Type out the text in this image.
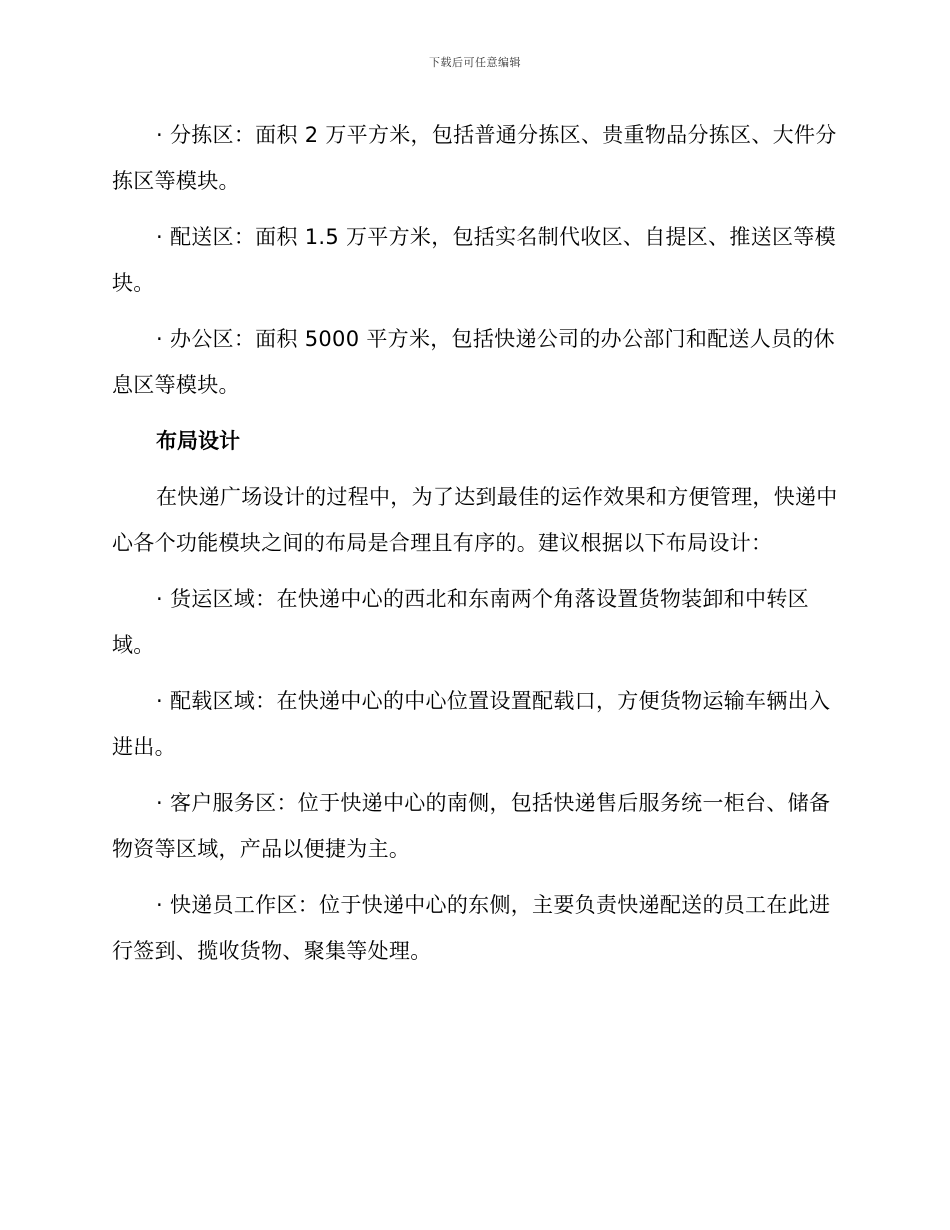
下载后可任意编辑

· 分拣区：面积 2 万平方米，包括普通分拣区、贵重物品分拣区、大件分拣区等模块。

· 配送区：面积 1.5 万平方米，包括实名制代收区、自提区、推送区等模块。

· 办公区：面积 5000 平方米，包括快递公司的办公部门和配送人员的休息区等模块。

布局设计

在快递广场设计的过程中，为了达到最佳的运作效果和方便管理，快递中心各个功能模块之间的布局是合理且有序的。建议根据以下布局设计：

· 货运区域：在快递中心的西北和东南两个角落设置货物装卸和中转区域。

· 配载区域：在快递中心的中心位置设置配载口，方便货物运输车辆出入进出。

· 客户服务区：位于快递中心的南侧，包括快递售后服务统一柜台、储备物资等区域，产品以便捷为主。

· 快递员工作区：位于快递中心的东侧，主要负责快递配送的员工在此进行签到、揽收货物、聚集等处理。
